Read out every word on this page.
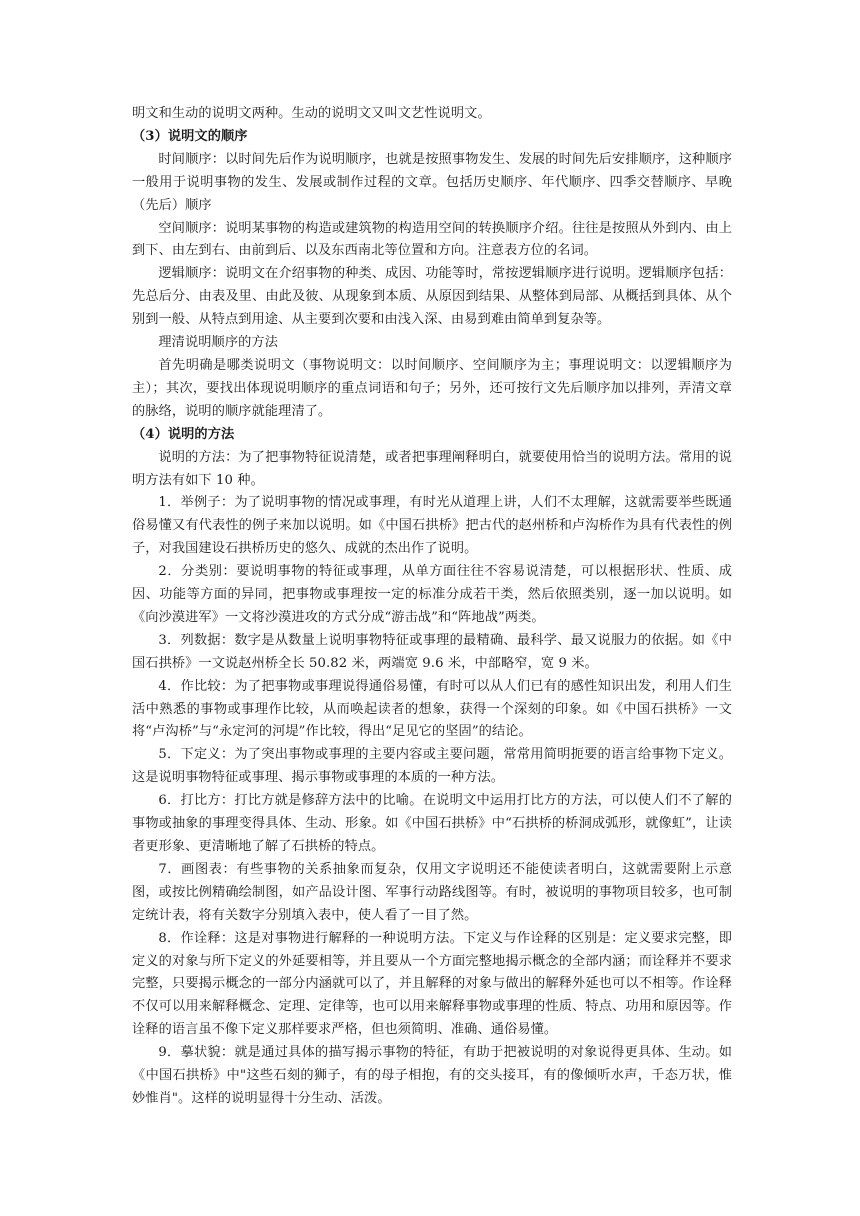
明文和生动的说明文两种。生动的说明文又叫文艺性说明文。

（3）说明文的顺序

时间顺序：以时间先后作为说明顺序，也就是按照事物发生、发展的时间先后安排顺序，这种顺序一般用于说明事物的发生、发展或制作过程的文章。包括历史顺序、年代顺序、四季交替顺序、早晚（先后）顺序

空间顺序：说明某事物的构造或建筑物的构造用空间的转换顺序介绍。往往是按照从外到内、由上到下、由左到右、由前到后、以及东西南北等位置和方向。注意表方位的名词。

逻辑顺序：说明文在介绍事物的种类、成因、功能等时，常按逻辑顺序进行说明。逻辑顺序包括：先总后分、由表及里、由此及彼、从现象到本质、从原因到结果、从整体到局部、从概括到具体、从个别到一般、从特点到用途、从主要到次要和由浅入深、由易到难由简单到复杂等。

理清说明顺序的方法

首先明确是哪类说明文（事物说明文：以时间顺序、空间顺序为主；事理说明文：以逻辑顺序为主）；其次，要找出体现说明顺序的重点词语和句子；另外，还可按行文先后顺序加以排列，弄清文章的脉络，说明的顺序就能理清了。

（4）说明的方法

说明的方法：为了把事物特征说清楚，或者把事理阐释明白，就要使用恰当的说明方法。常用的说明方法有如下 10 种。

1．举例子：为了说明事物的情况或事理，有时光从道理上讲，人们不太理解，这就需要举些既通俗易懂又有代表性的例子来加以说明。如《中国石拱桥》把古代的赵州桥和卢沟桥作为具有代表性的例子，对我国建设石拱桥历史的悠久、成就的杰出作了说明。

2．分类别：要说明事物的特征或事理，从单方面往往不容易说清楚，可以根据形状、性质、成因、功能等方面的异同，把事物或事理按一定的标准分成若干类，然后依照类别，逐一加以说明。如《向沙漠进军》一文将沙漠进攻的方式分成“游击战”和“阵地战”两类。

3．列数据：数字是从数量上说明事物特征或事理的最精确、最科学、最又说服力的依据。如《中国石拱桥》一文说赵州桥全长 50.82 米，两端宽 9.6 米，中部略窄，宽 9 米。

4．作比较：为了把事物或事理说得通俗易懂，有时可以从人们已有的感性知识出发，利用人们生活中熟悉的事物或事理作比较，从而唤起读者的想象，获得一个深刻的印象。如《中国石拱桥》一文将“卢沟桥”与“永定河的河堤”作比较，得出“足见它的坚固”的结论。

5．下定义：为了突出事物或事理的主要内容或主要问题，常常用简明扼要的语言给事物下定义。这是说明事物特征或事理、揭示事物或事理的本质的一种方法。

6．打比方：打比方就是修辞方法中的比喻。在说明文中运用打比方的方法，可以使人们不了解的事物或抽象的事理变得具体、生动、形象。如《中国石拱桥》中“石拱桥的桥洞成弧形，就像虹”，让读者更形象、更清晰地了解了石拱桥的特点。

7．画图表：有些事物的关系抽象而复杂，仅用文字说明还不能使读者明白，这就需要附上示意图，或按比例精确绘制图，如产品设计图、军事行动路线图等。有时，被说明的事物项目较多，也可制定统计表，将有关数字分别填入表中，使人看了一目了然。

8．作诠释：这是对事物进行解释的一种说明方法。下定义与作诠释的区别是：定义要求完整，即定义的对象与所下定义的外延要相等，并且要从一个方面完整地揭示概念的全部内涵；而诠释并不要求完整，只要揭示概念的一部分内涵就可以了，并且解释的对象与做出的解释外延也可以不相等。作诠释不仅可以用来解释概念、定理、定律等，也可以用来解释事物或事理的性质、特点、功用和原因等。作诠释的语言虽不像下定义那样要求严格，但也须简明、准确、通俗易懂。

9．摹状貌：就是通过具体的描写揭示事物的特征，有助于把被说明的对象说得更具体、生动。如《中国石拱桥》中"这些石刻的狮子，有的母子相抱，有的交头接耳，有的像倾听水声，千态万状，惟妙惟肖"。这样的说明显得十分生动、活泼。
